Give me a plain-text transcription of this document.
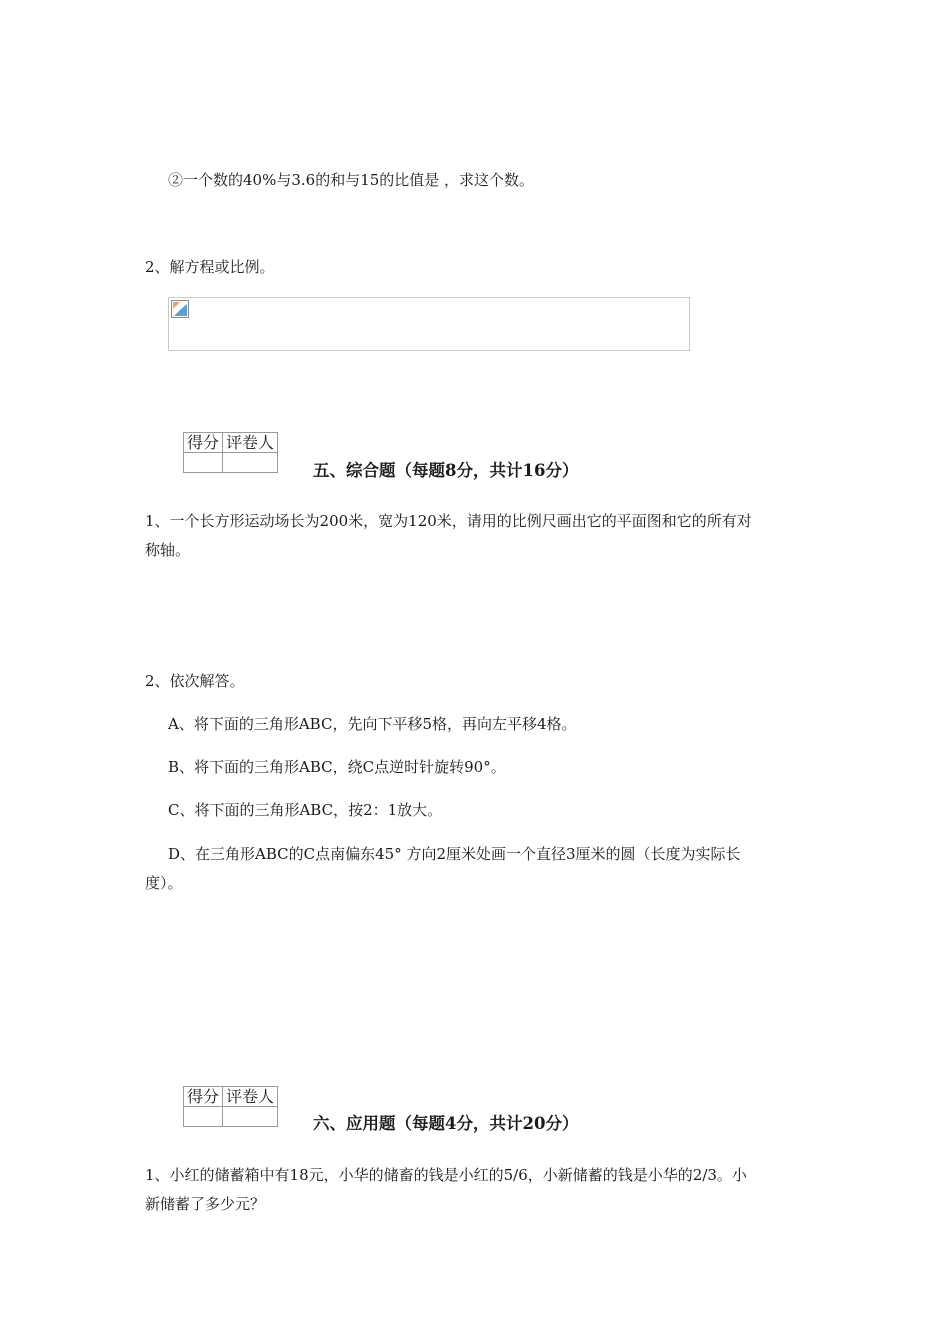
②一个数的40%与3.6的和与15的比值是 ，求这个数。
2、解方程或比例。
得分	评卷人

五、综合题（每题8分，共计16分）
1、一个长方形运动场长为200米，宽为120米，请用的比例尺画出它的平面图和它的所有对
称轴。
2、依次解答。
A、将下面的三角形ABC，先向下平移5格，再向左平移4格。
B、将下面的三角形ABC，绕C点逆时针旋转90°。
C、将下面的三角形ABC，按2：1放大。
D、在三角形ABC的C点南偏东45° 方向2厘米处画一个直径3厘米的圆（长度为实际长
度）。
得分	评卷人

六、应用题（每题4分，共计20分）
1、小红的储蓄箱中有18元，小华的储畜的钱是小红的5/6，小新储蓄的钱是小华的2/3。小
新储蓄了多少元？
